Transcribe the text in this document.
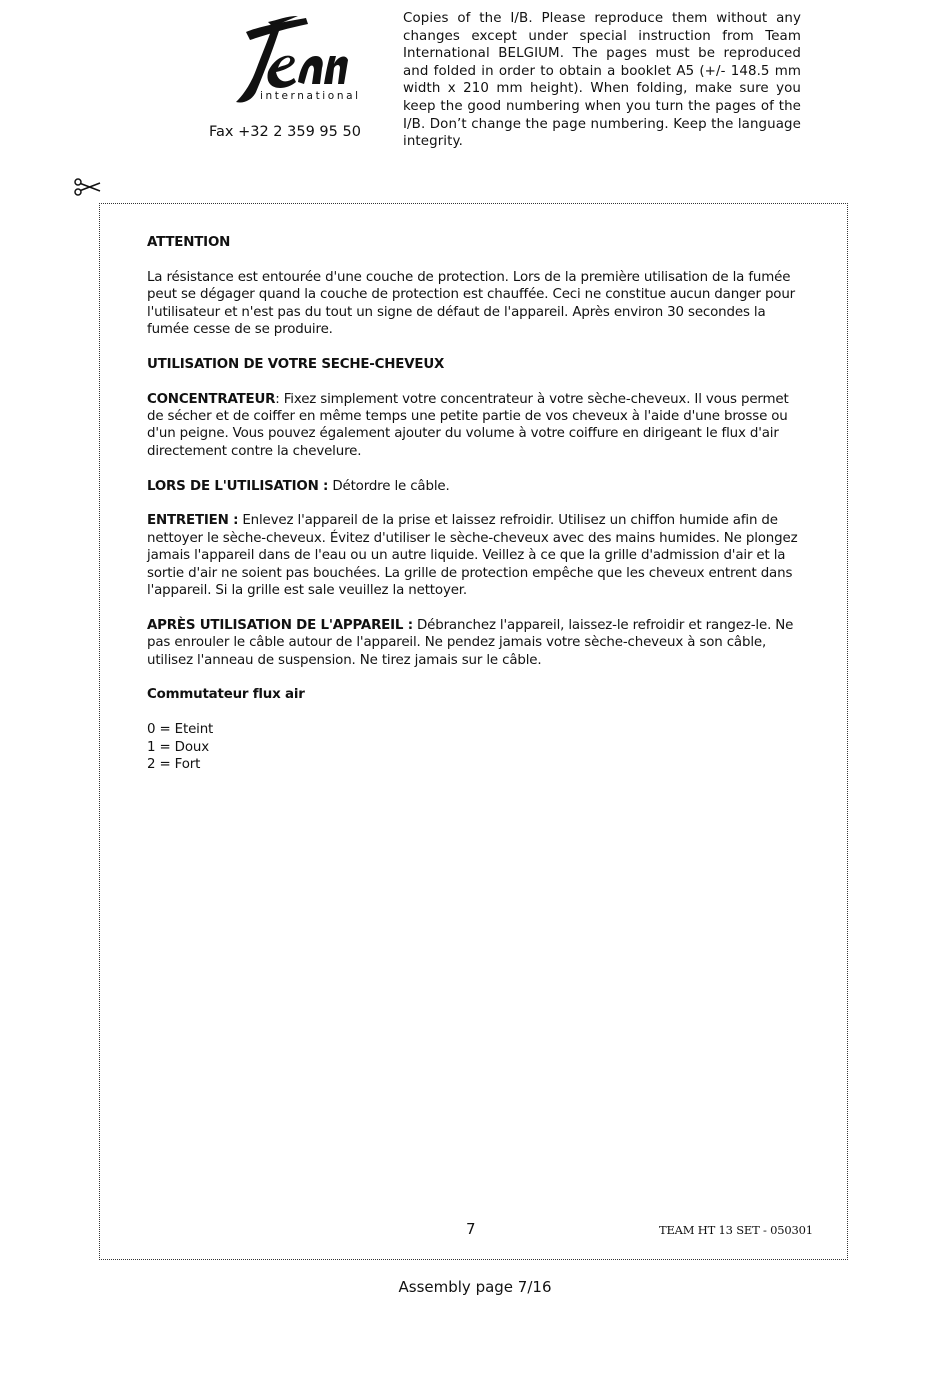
international
Fax +32 2 359 95 50
Copies of the I/B. Please reproduce them without any changes except under special instruction from Team International BELGIUM. The pages must be reproduced and folded in order to obtain a booklet A5 (+/- 148.5 mm width x 210 mm height). When folding, make sure you keep the good numbering when you turn the pages of the I/B. Don’t change the page numbering. Keep the language integrity.

ATTENTION

La résistance est entourée d'une couche de protection. Lors de la première utilisation de la fumée peut se dégager quand la couche de protection est chauffée. Ceci ne constitue aucun danger pour l'utilisateur et n'est pas du tout un signe de défaut de l'appareil. Après environ 30 secondes la fumée cesse de se produire.

UTILISATION DE VOTRE SECHE-CHEVEUX

CONCENTRATEUR: Fixez simplement votre concentrateur à votre sèche-cheveux. Il vous permet de sécher et de coiffer en même temps une petite partie de vos cheveux à l'aide d'une brosse ou d'un peigne. Vous pouvez également ajouter du volume à votre coiffure en dirigeant le flux d'air directement contre la chevelure.

LORS DE L'UTILISATION : Détordre le câble.

ENTRETIEN : Enlevez l'appareil de la prise et laissez refroidir. Utilisez un chiffon humide afin de nettoyer le sèche-cheveux. Évitez d'utiliser le sèche-cheveux avec des mains humides. Ne plongez jamais l'appareil dans de l'eau ou un autre liquide. Veillez à ce que la grille d'admission d'air et la sortie d'air ne soient pas bouchées. La grille de protection empêche que les cheveux entrent dans l'appareil. Si la grille est sale veuillez la nettoyer.

APRÈS UTILISATION DE L'APPAREIL : Débranchez l'appareil, laissez-le refroidir et rangez-le. Ne pas enrouler le câble autour de l'appareil. Ne pendez jamais votre sèche-cheveux à son câble, utilisez l'anneau de suspension. Ne tirez jamais sur le câble.

Commutateur flux air

0 = Eteint

1 = Doux

2 = Fort

7	TEAM HT 13 SET - 050301
Assembly page 7/16
